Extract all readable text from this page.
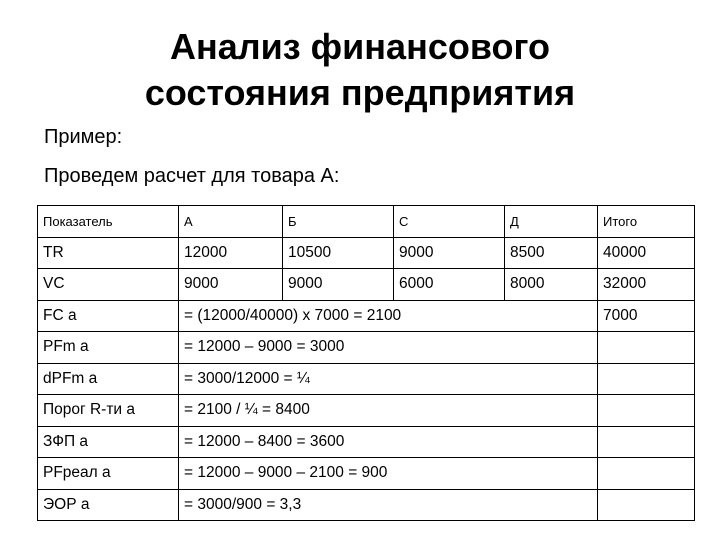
Анализ финансового
состояния предприятия
Пример:
Проведем расчет для товара А:
Показатель	А	Б	С	Д	Итого
TR	12000	10500	9000	8500	40000
VC	9000	9000	6000	8000	32000
FC a	= (12000/40000) х 7000 = 2100				7000
PFm a	= 12000 – 9000 = 3000				
dPFm a	= 3000/12000 = ¼				
Порог R-ти а	= 2100 / ¼ = 8400				
ЗФП а	= 12000 – 8400 = 3600				
PFреал а	= 12000 – 9000 – 2100 = 900				
ЭОР а	= 3000/900 = 3,3				
